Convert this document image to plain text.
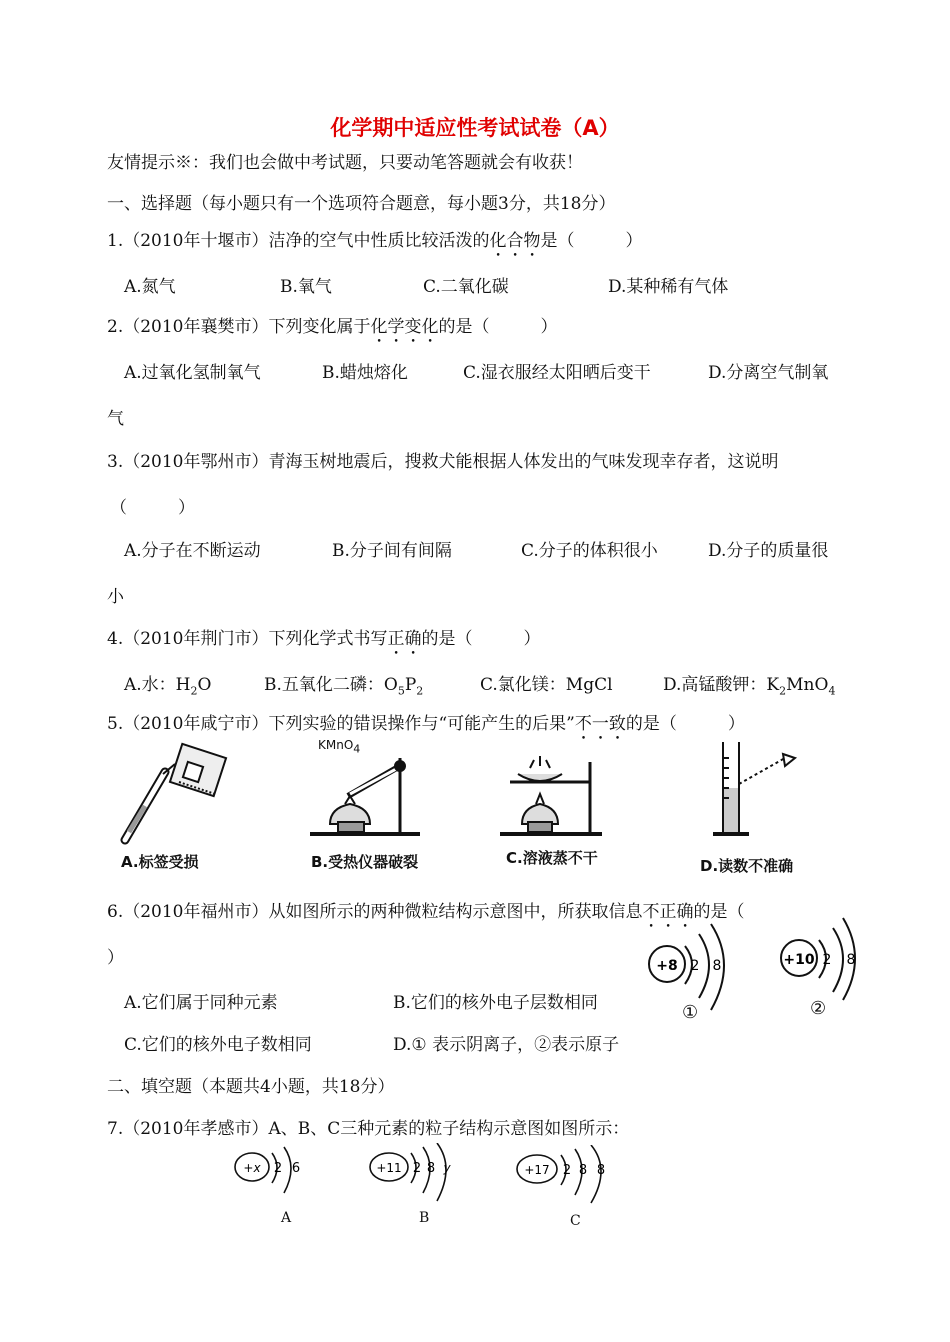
化学期中适应性考试试卷（A）
友情提示※：我们也会做中考试题，只要动笔答题就会有收获！
一、选择题（每小题只有一个选项符合题意，每小题3分，共18分）
1.（2010年十堰市）洁净的空气中性质比较活泼的化合物是（　　　）
A.氮气	B.氧气	C.二氧化碳	D.某种稀有气体
2.（2010年襄樊市）下列变化属于化学变化的是（　　　）
A.过氧化氢制氧气	B.蜡烛熔化	C.湿衣服经太阳晒后变干	D.分离空气制氧
气
3.（2010年鄂州市）青海玉树地震后，搜救犬能根据人体发出的气味发现幸存者，这说明
（　　　）
A.分子在不断运动	B.分子间有间隔	C.分子的体积很小	D.分子的质量很
小
4.（2010年荆门市）下列化学式书写正确的是（　　　）
A.水：$H_2O$	B.五氧化二磷：$O_5P_2$	C.氯化镁：MgCl	D.高锰酸钾：$K_2MnO_4$
5.（2010年咸宁市）下列实验的错误操作与“可能产生的后果”不一致的是（　　　）
A.标签受损
KMnO$_4$
B.受热仪器破裂	C.溶液蒸不干	D.读数不准确
6.（2010年福州市）从如图所示的两种微粒结构示意图中，所获取信息不正确的是（
）	+8 2 8
①
+10 2 8
②
A.它们属于同种元素	B.它们的核外电子层数相同
C.它们的核外电子数相同	D.① 表示阴离子，②表示原子
二、填空题（本题共4小题，共18分）
7.（2010年孝感市）A、B、C三种元素的粒子结构示意图如图所示：
+x 2 6
A
+11 2 8 y
B
+17 2 8 8
C
